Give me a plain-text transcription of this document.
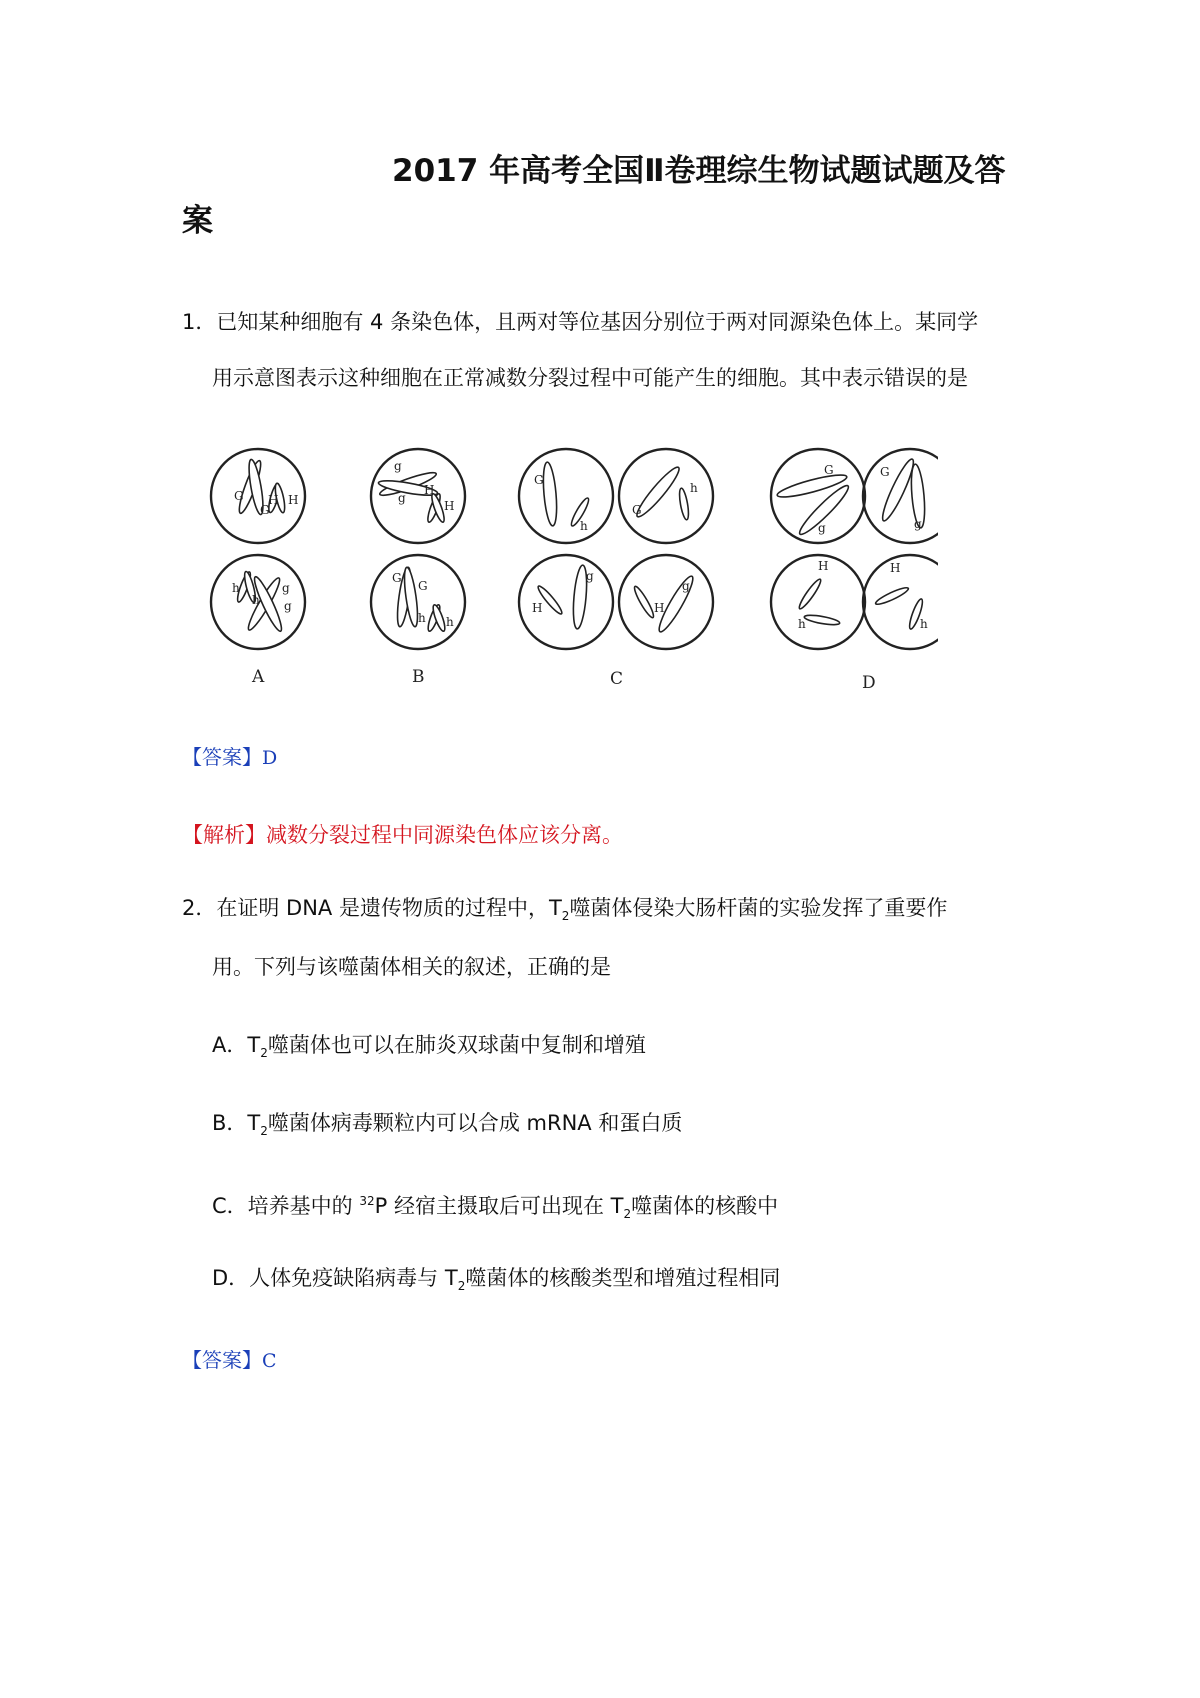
2017 年高考全国Ⅱ卷理综生物试题试题及答
案
1．已知某种细胞有 4 条染色体，且两对等位基因分别位于两对同源染色体上。某同学
用示意图表示这种细胞在正常减数分裂过程中可能产生的细胞。其中表示错误的是
G
G
H H
h
h
g
g
g
g
H
H
G
G
h h
G
h
G
h
H
g
H
g
G
g
G
g
H
h
H
h
A	B	C	D
【答案】D
【解析】减数分裂过程中同源染色体应该分离。
2．在证明 DNA 是遗传物质的过程中，$T_2$噬菌体侵染大肠杆菌的实验发挥了重要作
用。下列与该噬菌体相关的叙述，正确的是
A．$T_2$噬菌体也可以在肺炎双球菌中复制和增殖
B．$T_2$噬菌体病毒颗粒内可以合成 mRNA 和蛋白质
C．培养基中的 $^{32}$P 经宿主摄取后可出现在 $T_2$噬菌体的核酸中
D．人体免疫缺陷病毒与 $T_2$噬菌体的核酸类型和增殖过程相同
【答案】C
